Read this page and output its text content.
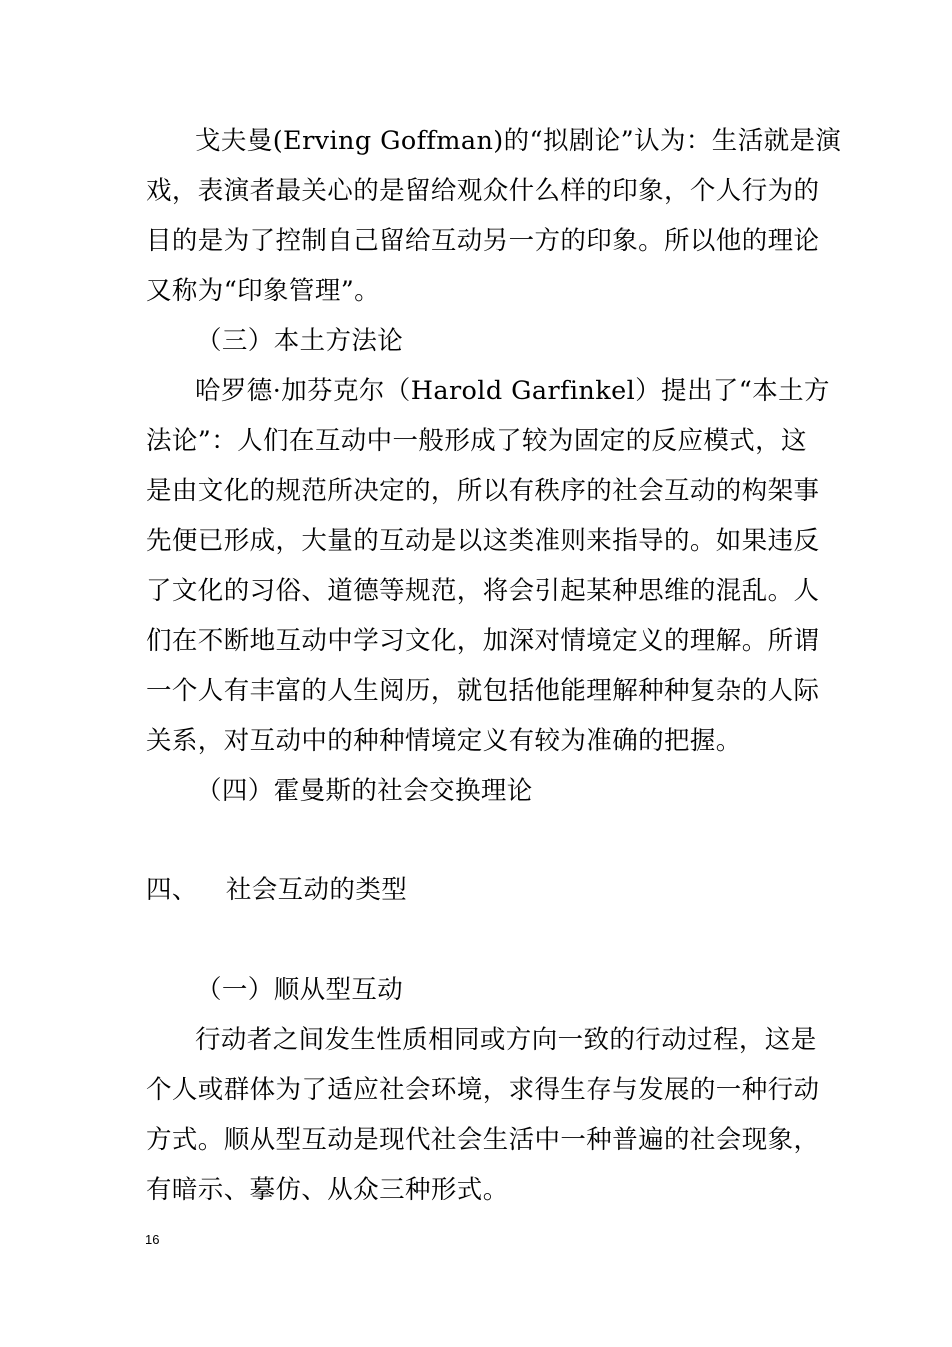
戈夫曼(Erving Goffman)的“拟剧论”认为：生活就是演
戏，表演者最关心的是留给观众什么样的印象，个人行为的
目的是为了控制自己留给互动另一方的印象。所以他的理论
又称为“印象管理”。
（三）本土方法论
哈罗德·加芬克尔（Harold Garfinkel）提出了“本土方
法论”：人们在互动中一般形成了较为固定的反应模式，这
是由文化的规范所决定的，所以有秩序的社会互动的构架事
先便已形成，大量的互动是以这类准则来指导的。如果违反
了文化的习俗、道德等规范，将会引起某种思维的混乱。人
们在不断地互动中学习文化，加深对情境定义的理解。所谓
一个人有丰富的人生阅历，就包括他能理解种种复杂的人际
关系，对互动中的种种情境定义有较为准确的把握。
（四）霍曼斯的社会交换理论
四、 社会互动的类型
（一）顺从型互动
行动者之间发生性质相同或方向一致的行动过程，这是
个人或群体为了适应社会环境，求得生存与发展的一种行动
方式。顺从型互动是现代社会生活中一种普遍的社会现象，
有暗示、摹仿、从众三种形式。
16
